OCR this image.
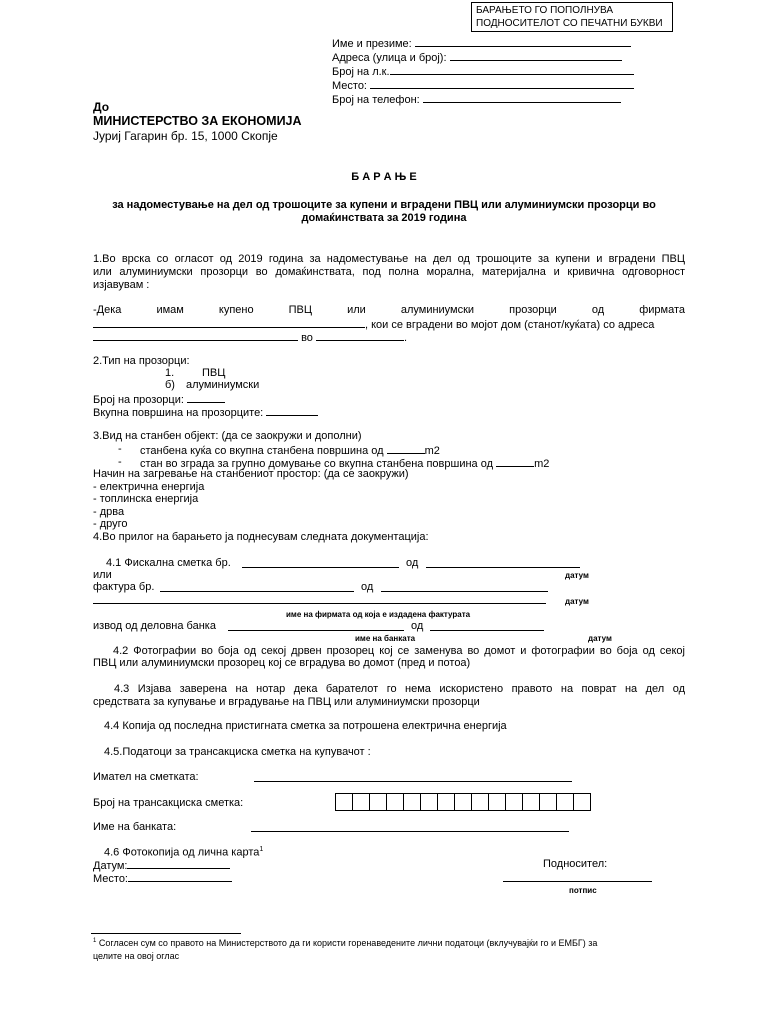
БАРАЊЕТО ГО ПОПОЛНУВА
ПОДНОСИТЕЛОТ СО ПЕЧАТНИ БУКВИ
Име и презиме:
Адреса (улица и број):
Број на л.к.
Место:
Број на телефон:
До
МИНИСТЕРСТВО ЗА ЕКОНОМИЈА
Јуриј Гагарин бр. 15, 1000 Скопје
Б А Р А Њ Е
за надоместување на дел од трошоците за купени и вградени ПВЦ или алуминиумски прозорци во
домаќинствата за 2019 година
1.Во врска со огласот од 2019 година за надоместување на дел од трошоците за купени и вградени ПВЦ
или алуминиумски прозорци во домаќинствата, под полна морална, материјална и кривична одговорност
изјавувам :
-Дека	имам	купено	ПВЦ	или	алуминиумски	прозорци	од	фирмата
, кои се вградени во мојот дом (станот/куќата) со адреса
во	.
2.Тип на прозорци:
1.	ПВЦ
б) алуминиумски
Број на прозорци:
Вкупна површина на прозорците:
3.Вид на станбен објект: (да се заокружи и дополни)
- станбена куќа со вкупна станбена површина од	m2
- стан во зграда за групно домување со вкупна станбена површина од	m2
Начин на загревање на станбениот простор: (да се заокружи)
- електрична енергија
- топлинска енергија
- дрва
- друго
4.Во прилог на барањето ја поднесувам следната документација:
4.1 Фискална сметка бр.	од
или	датум
фактура бр.	од
датум
име на фирмата од која е издадена фактурата
извод од деловна банка	од
име на банката	датум
4.2 Фотографии во боја од секој дрвен прозорец кој се заменува во домот и фотографии во боја од секој
ПВЦ или алуминиумски прозорец кој се вградува во домот (пред и потоа)
4.3 Изјава заверена на нотар дека барателот го нема искористено правото на поврат на дел од
средствата за купување и вградување на ПВЦ или алуминиумски прозорци
4.4 Копија од последна пристигната сметка за потрошена електрична енергија
4.5.Податоци за трансакциска сметка на купувачот :
Имател на сметката:
Број на трансакциска сметка:
Име на банката:
4.6 Фотокопија од лична карта$^1$
Датум:
Место:
Подносител:
потпис
$^1$ Согласен сум со правото на Министерството да ги користи горенаведените лични податоци (вклучувајќи го и ЕМБГ) за
целите на овој оглас
